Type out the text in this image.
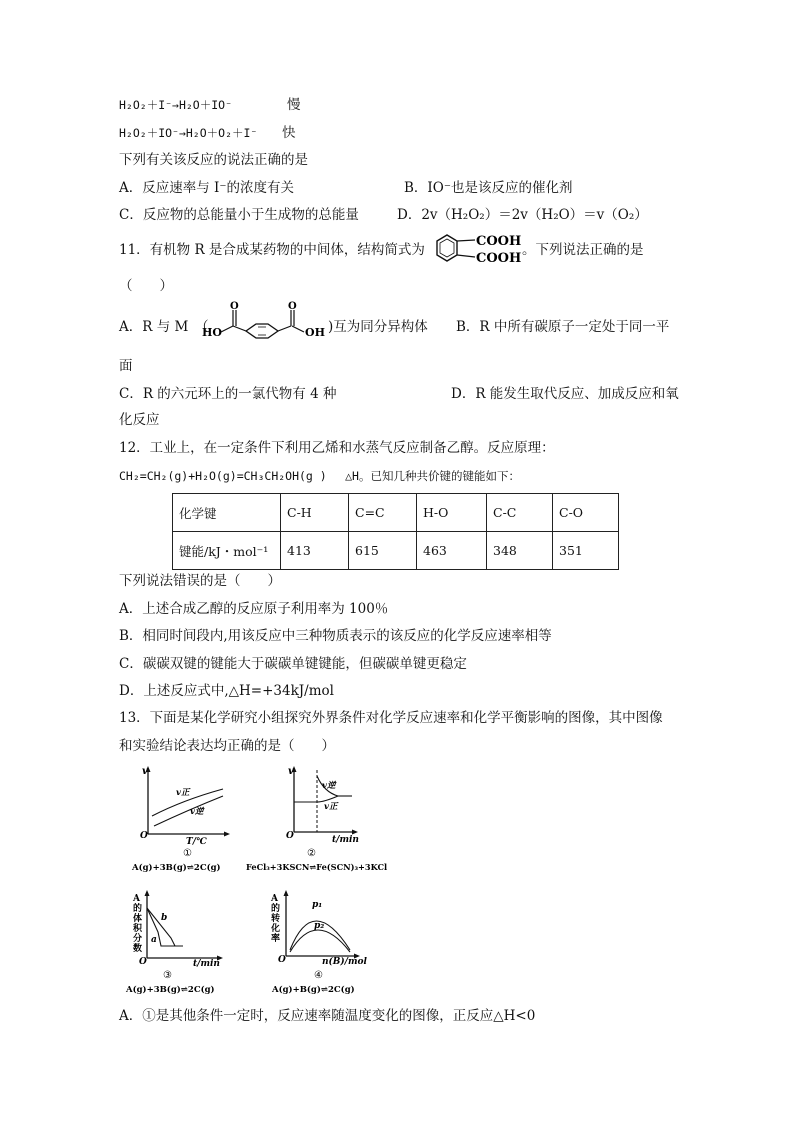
H₂O₂＋I⁻→H₂O＋IO⁻	慢
H₂O₂＋IO⁻→H₂O＋O₂＋I⁻ 快
下列有关该反应的说法正确的是
A．反应速率与 I⁻的浓度有关	B．IO⁻也是该反应的催化剂
C．反应物的总能量小于生成物的总能量	D．2v（H₂O₂）＝2v（H₂O）＝v（O₂）
11．有机物 R 是合成某药物的中间体，结构简式为
COOH
COOH
。下列说法正确的是
（　　）
A．R 与 M　（
HO
O	O
OH )互为同分异构体 B．R 中所有碳原子一定处于同一平
面
C．R 的六元环上的一氯代物有 4 种	D．R 能发生取代反应、加成反应和氧
化反应
12．工业上，在一定条件下利用乙烯和水蒸气反应制备乙醇。反应原理：
CH₂=CH₂(g)+H₂O(g)=CH₃CH₂OH(g ) 　△H。已知几种共价键的键能如下：
化学键	C-H	C=C	H-O	C-C	C-O
键能/kJ・mol⁻¹	413	615	463	348	351
下列说法错误的是（　　）
A．上述合成乙醇的反应原子利用率为 100％
B．相同时间段内,用该反应中三种物质表示的该反应的化学反应速率相等
C．碳碳双键的键能大于碳碳单键键能，但碳碳单键更稳定
D．上述反应式中,△H=+34kJ/mol
13．下面是某化学研究小组探究外界条件对化学反应速率和化学平衡影响的图像，其中图像
和实验结论表达均正确的是（　　）
v
v正
v逆
O
T/℃
①
A(g)+3B(g)⇌2C(g)
v
v逆
v正
O	t/min
②
FeCl₃+3KSCN⇌Fe(SCN)₃+3KCl
A
的
体
积
分
数
a
b
O	t/min
③
A(g)+3B(g)⇌2C(g)
A
的
转
化
率
p₁
p₂
O	n(B)/mol
④
A(g)+B(g)⇌2C(g)
A．①是其他条件一定时，反应速率随温度变化的图像，正反应△H<0
